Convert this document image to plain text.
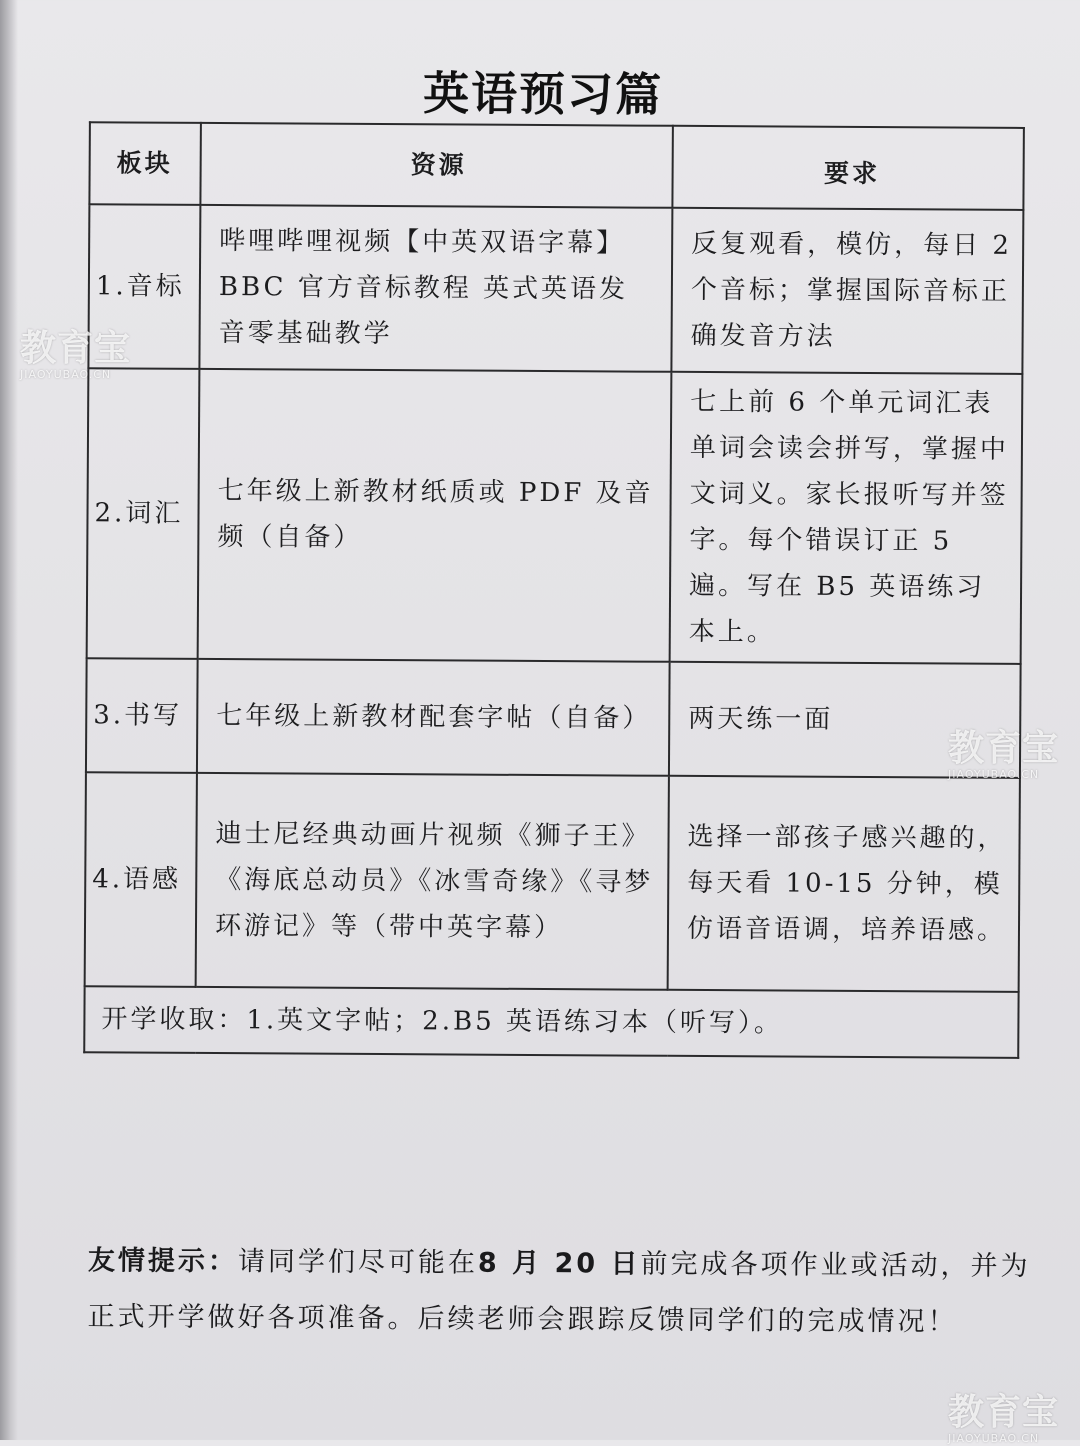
英语预习篇
板块	资源	要求
1.音标	哔哩哔哩视频【中英双语字幕】BBC 官方音标教程 英式英语发音零基础教学	反复观看，模仿，每日 2 个音标；掌握国际音标正确发音方法
2.词汇	七年级上新教材纸质或 PDF 及音频（自备）	七上前 6 个单元词汇表单词会读会拼写，掌握中文词义。家长报听写并签字。每个错误订正 5 遍。写在 B5 英语练习本上。
3.书写	七年级上新教材配套字帖（自备）	两天练一面
4.语感	迪士尼经典动画片视频《狮子王》《海底总动员》《冰雪奇缘》《寻梦环游记》等（带中英字幕）	选择一部孩子感兴趣的，每天看 10-15 分钟，模仿语音语调，培养语感。
开学收取：1.英文字帖；2.B5 英语练习本（听写）。		
友情提示：请同学们尽可能在8 月 20 日前完成各项作业或活动，并为正式开学做好各项准备。后续老师会跟踪反馈同学们的完成情况！
教育宝
JIAOYUBAO.CN
教育宝
JIAOYUBAO.CN
教育宝
JIAOYUBAO.CN
